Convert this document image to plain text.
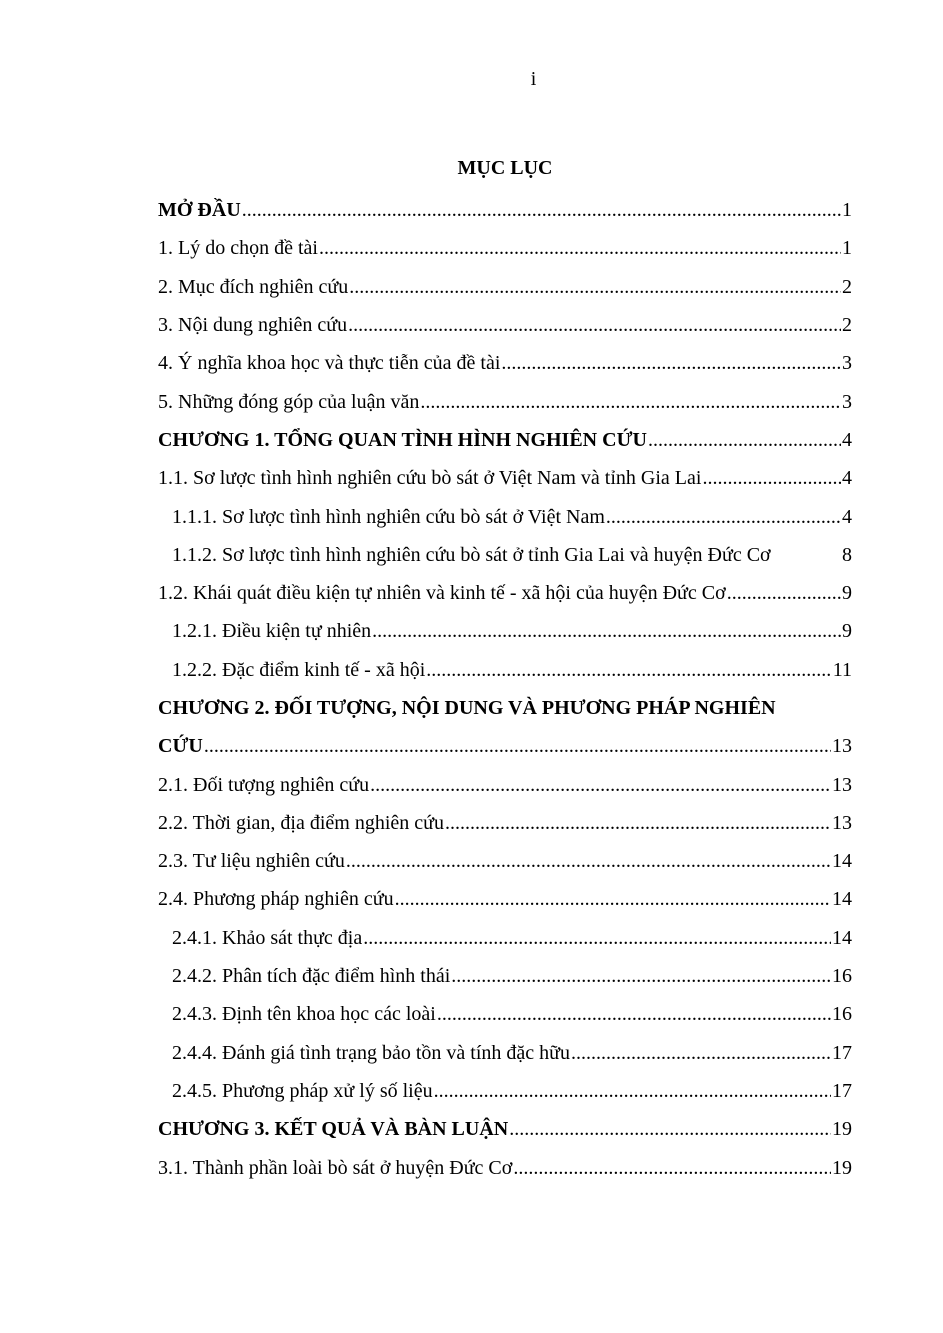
i
MỤC LỤC
MỞ ĐẦU .....	1
1. Lý do chọn đề tài .....	1
2. Mục đích nghiên cứu .....	2
3. Nội dung nghiên cứu .....	2
4. Ý nghĩa khoa học và thực tiễn của đề tài .....	3
5. Những đóng góp của luận văn .....	3
CHƯƠNG 1. TỔNG QUAN TÌNH HÌNH NGHIÊN CỨU .....	4
1.1. Sơ lược tình hình nghiên cứu bò sát ở Việt Nam và tỉnh Gia Lai .....	4
1.1.1. Sơ lược tình hình nghiên cứu bò sát ở Việt Nam .....	4
1.1.2. Sơ lược tình hình nghiên cứu bò sát ở tỉnh Gia Lai và huyện Đức Cơ	8
1.2. Khái quát điều kiện tự nhiên và kinh tế - xã hội của huyện Đức Cơ .....	9
1.2.1. Điều kiện tự nhiên .....	9
1.2.2. Đặc điểm kinh tế - xã hội .....	11
CHƯƠNG 2. ĐỐI TƯỢNG, NỘI DUNG VÀ PHƯƠNG PHÁP NGHIÊN
CỨU .....	13
2.1. Đối tượng nghiên cứu .....	13
2.2. Thời gian, địa điểm nghiên cứu .....	13
2.3. Tư liệu nghiên cứu .....	14
2.4. Phương pháp nghiên cứu .....	14
2.4.1. Khảo sát thực địa .....	14
2.4.2. Phân tích đặc điểm hình thái .....	16
2.4.3. Định tên khoa học các loài .....	16
2.4.4. Đánh giá tình trạng bảo tồn và tính đặc hữu .....	17
2.4.5. Phương pháp xử lý số liệu .....	17
CHƯƠNG 3. KẾT QUẢ VÀ BÀN LUẬN .....	19
3.1. Thành phần loài bò sát ở huyện Đức Cơ .....	19
